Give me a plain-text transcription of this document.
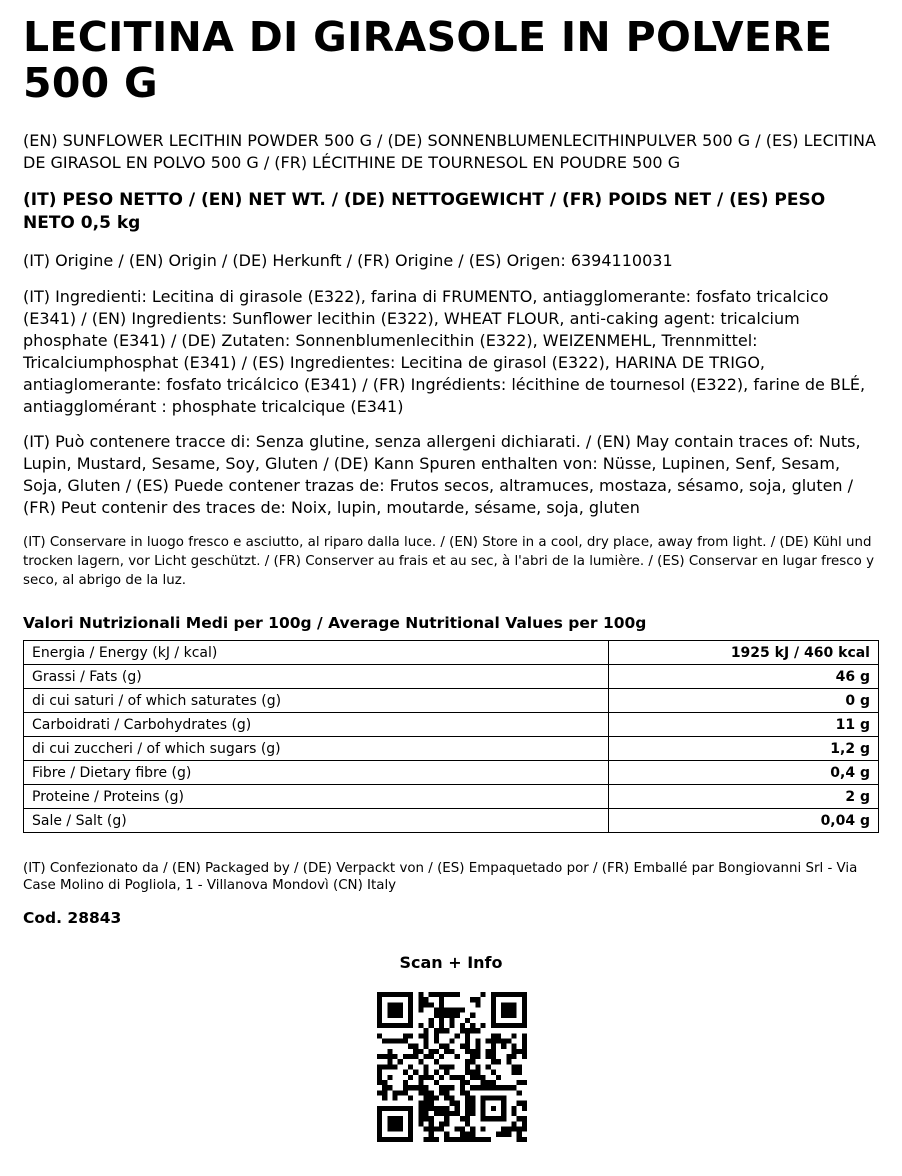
LECITINA DI GIRASOLE IN POLVERE 500 G
(EN) SUNFLOWER LECITHIN POWDER 500 G / (DE) SONNENBLUMENLECITHINPULVER 500 G / (ES) LECITINA DE GIRASOL EN POLVO 500 G / (FR) LÉCITHINE DE TOURNESOL EN POUDRE 500 G
(IT) PESO NETTO / (EN) NET WT. / (DE) NETTOGEWICHT / (FR) POIDS NET / (ES) PESO NETO 0,5 kg
(IT) Origine / (EN) Origin / (DE) Herkunft / (FR) Origine / (ES) Origen: 6394110031
(IT) Ingredienti: Lecitina di girasole (E322), farina di FRUMENTO, antiagglomerante: fosfato tricalcico (E341) / (EN) Ingredients: Sunflower lecithin (E322), WHEAT FLOUR, anti-caking agent: tricalcium phosphate (E341) / (DE) Zutaten: Sonnenblumenlecithin (E322), WEIZENMEHL, Trennmittel: Tricalciumphosphat (E341) / (ES) Ingredientes: Lecitina de girasol (E322), HARINA DE TRIGO, antiaglomerante: fosfato tricálcico (E341) / (FR) Ingrédients: lécithine de tournesol (E322), farine de BLÉ, antiagglomérant : phosphate tricalcique (E341)
(IT) Può contenere tracce di: Senza glutine, senza allergeni dichiarati. / (EN) May contain traces of: Nuts, Lupin, Mustard, Sesame, Soy, Gluten / (DE) Kann Spuren enthalten von: Nüsse, Lupinen, Senf, Sesam, Soja, Gluten / (ES) Puede contener trazas de: Frutos secos, altramuces, mostaza, sésamo, soja, gluten / (FR) Peut contenir des traces de: Noix, lupin, moutarde, sésame, soja, gluten
(IT) Conservare in luogo fresco e asciutto, al riparo dalla luce. / (EN) Store in a cool, dry place, away from light. / (DE) Kühl und trocken lagern, vor Licht geschützt. / (FR) Conserver au frais et au sec, à l'abri de la lumière. / (ES) Conservar en lugar fresco y seco, al abrigo de la luz.
Valori Nutrizionali Medi per 100g / Average Nutritional Values per 100g
Energia / Energy (kJ / kcal)	1925 kJ / 460 kcal
Grassi / Fats (g)	46 g
di cui saturi / of which saturates (g)	0 g
Carboidrati / Carbohydrates (g)	11 g
di cui zuccheri / of which sugars (g)	1,2 g
Fibre / Dietary fibre (g)	0,4 g
Proteine / Proteins (g)	2 g
Sale / Salt (g)	0,04 g
(IT) Confezionato da / (EN) Packaged by / (DE) Verpackt von / (ES) Empaquetado por / (FR) Emballé par Bongiovanni Srl - Via Case Molino di Pogliola, 1 - Villanova Mondovì (CN) Italy
Cod. 28843
Scan + Info
